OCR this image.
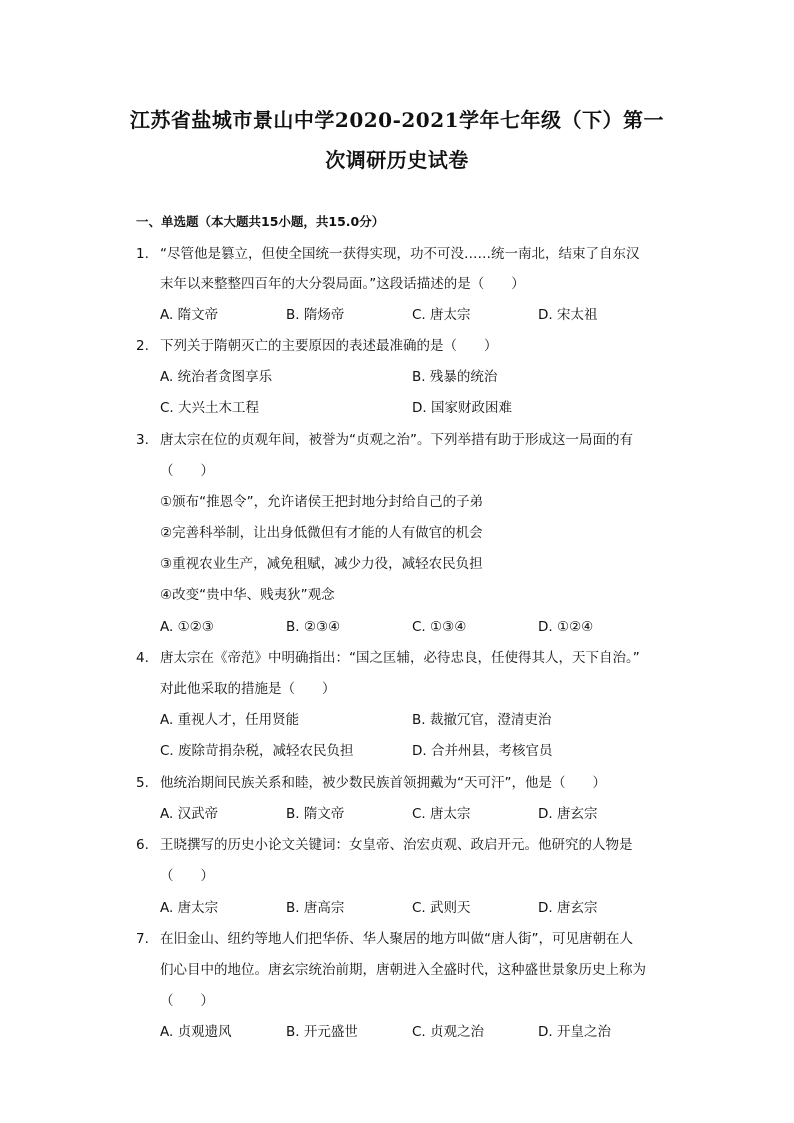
江苏省盐城市景山中学2020-2021学年七年级（下）第一
次调研历史试卷
一、单选题（本大题共15小题，共15.0分）
1. “尽管他是篡立，但使全国统一获得实现，功不可没……统一南北，结束了自东汉
末年以来整整四百年的大分裂局面。”这段话描述的是（　　）
A. 隋文帝	B. 隋炀帝	C. 唐太宗	D. 宋太祖
2. 下列关于隋朝灭亡的主要原因的表述最准确的是（　　）
A. 统治者贪图享乐	B. 残暴的统治
C. 大兴土木工程	D. 国家财政困难
3. 唐太宗在位的贞观年间，被誉为“贞观之治”。下列举措有助于形成这一局面的有
（　　）
①颁布“推恩令”，允许诸侯王把封地分封给自己的子弟
②完善科举制，让出身低微但有才能的人有做官的机会
③重视农业生产，减免租赋，减少力役，减轻农民负担
④改变“贵中华、贱夷狄”观念
A. ①②③	B. ②③④	C. ①③④	D. ①②④
4. 唐太宗在《帝范》中明确指出：“国之匡辅，必待忠良，任使得其人，天下自治。”
对此他采取的措施是（　　）
A. 重视人才，任用贤能	B. 裁撤冗官，澄清吏治
C. 废除苛捐杂税，减轻农民负担	D. 合并州县，考核官员
5. 他统治期间民族关系和睦，被少数民族首领拥戴为“天可汗”，他是（　　）
A. 汉武帝	B. 隋文帝	C. 唐太宗	D. 唐玄宗
6. 王晓撰写的历史小论文关键词：女皇帝、治宏贞观、政启开元。他研究的人物是
（　　）
A. 唐太宗	B. 唐高宗	C. 武则天	D. 唐玄宗
7. 在旧金山、纽约等地人们把华侨、华人聚居的地方叫做“唐人街”，可见唐朝在人
们心目中的地位。唐玄宗统治前期，唐朝进入全盛时代，这种盛世景象历史上称为
（　　）
A. 贞观遗风	B. 开元盛世	C. 贞观之治	D. 开皇之治
